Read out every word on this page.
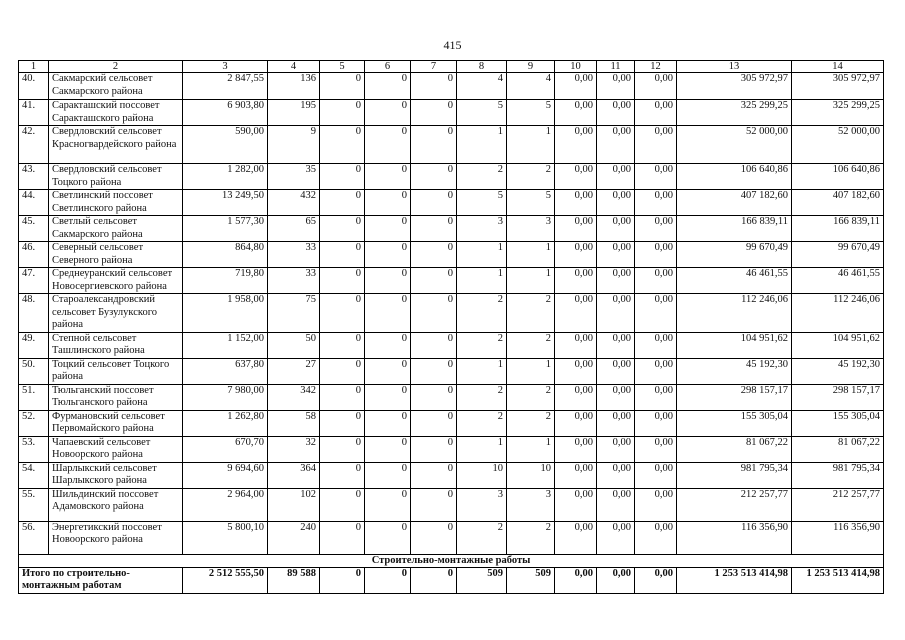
415
1	2	3	4	5	6	7	8	9	10	11	12	13	14
40.	Сакмарский сельсовет Сакмарского района	2 847,55	136	0	0	0	4	4	0,00	0,00	0,00	305 972,97	305 972,97
41.	Саракташский поссовет Саракташского района	6 903,80	195	0	0	0	5	5	0,00	0,00	0,00	325 299,25	325 299,25
42.	Свердловский сельсовет Красногвардейского района	590,00	9	0	0	0	1	1	0,00	0,00	0,00	52 000,00	52 000,00
43.	Свердловский сельсовет Тоцкого района	1 282,00	35	0	0	0	2	2	0,00	0,00	0,00	106 640,86	106 640,86
44.	Светлинский поссовет Светлинского района	13 249,50	432	0	0	0	5	5	0,00	0,00	0,00	407 182,60	407 182,60
45.	Светлый сельсовет Сакмарского района	1 577,30	65	0	0	0	3	3	0,00	0,00	0,00	166 839,11	166 839,11
46.	Северный сельсовет Северного района	864,80	33	0	0	0	1	1	0,00	0,00	0,00	99 670,49	99 670,49
47.	Среднеуранский сельсовет Новосергиевского района	719,80	33	0	0	0	1	1	0,00	0,00	0,00	46 461,55	46 461,55
48.	Староалександровский сельсовет Бузулукского района	1 958,00	75	0	0	0	2	2	0,00	0,00	0,00	112 246,06	112 246,06
49.	Степной сельсовет Ташлинского района	1 152,00	50	0	0	0	2	2	0,00	0,00	0,00	104 951,62	104 951,62
50.	Тоцкий сельсовет Тоцкого района	637,80	27	0	0	0	1	1	0,00	0,00	0,00	45 192,30	45 192,30
51.	Тюльганский поссовет Тюльганского района	7 980,00	342	0	0	0	2	2	0,00	0,00	0,00	298 157,17	298 157,17
52.	Фурмановский сельсовет Первомайского района	1 262,80	58	0	0	0	2	2	0,00	0,00	0,00	155 305,04	155 305,04
53.	Чапаевский сельсовет Новоорского района	670,70	32	0	0	0	1	1	0,00	0,00	0,00	81 067,22	81 067,22
54.	Шарлыкский сельсовет Шарлыкского района	9 694,60	364	0	0	0	10	10	0,00	0,00	0,00	981 795,34	981 795,34
55.	Шильдинский поссовет Адамовского района	2 964,00	102	0	0	0	3	3	0,00	0,00	0,00	212 257,77	212 257,77
56.	Энергетикский поссовет Новоорского района	5 800,10	240	0	0	0	2	2	0,00	0,00	0,00	116 356,90	116 356,90
Строительно-монтажные работы													
Итого по строительно-монтажным работам		2 512 555,50	89 588	0	0	0	509	509	0,00	0,00	0,00	1 253 513 414,98	1 253 513 414,98
